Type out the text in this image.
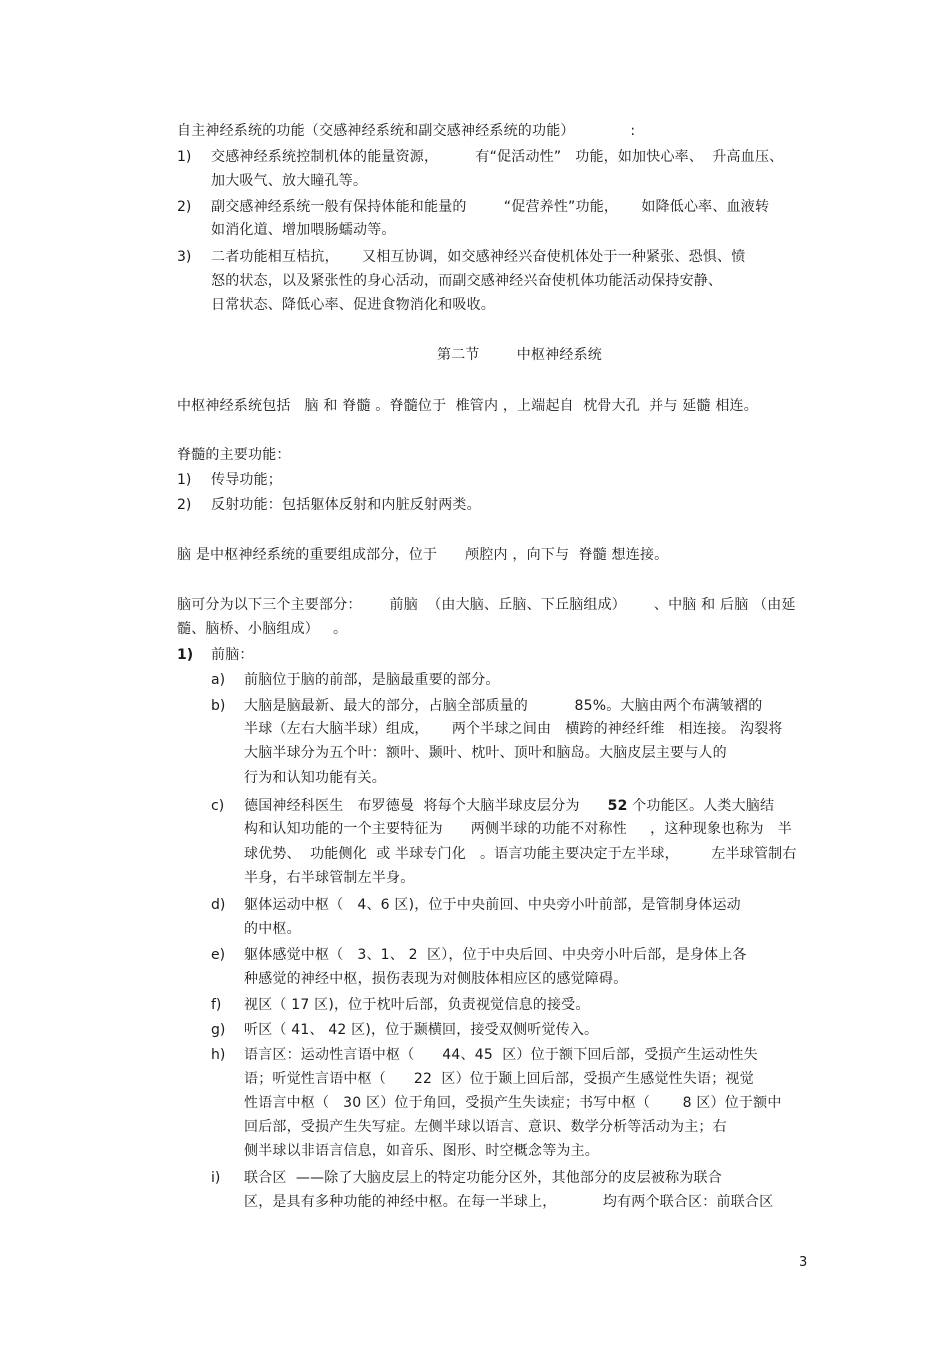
自主神经系统的功能（交感神经系统和副交感神经系统的功能）            :
1) 交感神经系统控制机体的能量资源，        有“促活动性”   功能，如加快心率、  升高血压、
加大吸气、放大瞳孔等。
2) 副交感神经系统一般有保持体能和能量的        “促营养性”功能，     如降低心率、血液转
如消化道、增加喂肠蠕动等。
3) 二者功能相互桔抗，     又相互协调，如交感神经兴奋使机体处于一种紧张、恐惧、愤
怒的状态，以及紧张性的身心活动，而副交感神经兴奋使机体功能活动保持安静、
日常状态、降低心率、促进食物消化和吸收。
第二节        中枢神经系统
中枢神经系统包括   脑 和 脊髓 。脊髓位于  椎管内 ，上端起自  枕骨大孔  并与 延髓 相连。
脊髓的主要功能：
1) 传导功能；
2) 反射功能：包括躯体反射和内脏反射两类。
脑 是中枢神经系统的重要组成部分，位于      颅腔内 ，向下与  脊髓 想连接。
脑可分为以下三个主要部分：      前脑  （由大脑、丘脑、下丘脑组成）      、中脑 和 后脑 （由延
髓、脑桥、小脑组成）   。
1) 前脑：
a) 前脑位于脑的前部，是脑最重要的部分。
b) 大脑是脑最新、最大的部分，占脑全部质量的          85%。大脑由两个布满皱褶的
半球（左右大脑半球）组成，     两个半球之间由   横跨的神经纤维   相连接。 沟裂将
大脑半球分为五个叶：额叶、颞叶、枕叶、顶叶和脑岛。大脑皮层主要与人的
行为和认知功能有关。
c) 德国神经科医生   布罗德曼  将每个大脑半球皮层分为 52 个功能区。人类大脑结
构和认知功能的一个主要特征为      两侧半球的功能不对称性     ，这种现象也称为   半
球优势、  功能侧化  或 半球专门化   。语言功能主要决定于左半球，       左半球管制右
半身，右半球管制左半身。
d) 躯体运动中枢（   4、6 区)，位于中央前回、中央旁小叶前部，是管制身体运动
的中枢。
e) 躯体感觉中枢（   3、1、 2  区），位于中央后回、中央旁小叶后部，是身体上各
种感觉的神经中枢，损伤表现为对侧肢体相应区的感觉障碍。
f) 视区（ 17 区)，位于枕叶后部，负责视觉信息的接受。
g) 听区（ 41、 42 区)，位于颞横回，接受双侧听觉传入。
h) 语言区：运动性言语中枢（      44、45  区）位于额下回后部，受损产生运动性失
语；听觉性言语中枢（      22  区）位于颞上回后部，受损产生感觉性失语；视觉
性语言中枢（   30 区）位于角回，受损产生失读症；书写中枢（       8 区）位于额中
回后部，受损产生失写症。左侧半球以语言、意识、数学分析等活动为主；右
侧半球以非语言信息，如音乐、图形、时空概念等为主。
i) 联合区  ——除了大脑皮层上的特定功能分区外，其他部分的皮层被称为联合
区，是具有多种功能的神经中枢。在每一半球上，          均有两个联合区：前联合区
3
